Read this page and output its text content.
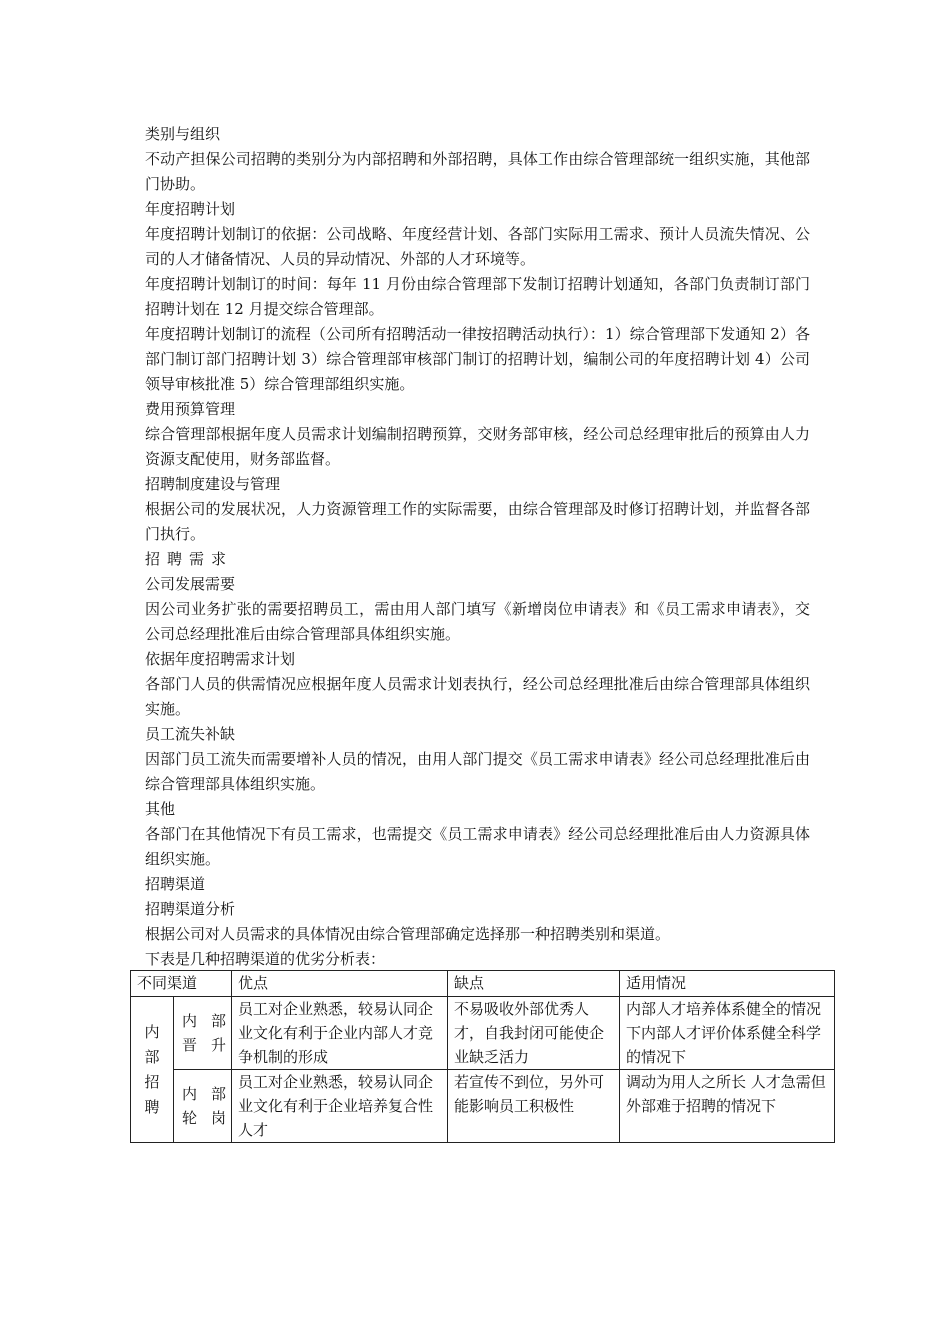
类别与组织

不动产担保公司招聘的类别分为内部招聘和外部招聘，具体工作由综合管理部统一组织实施，其他部门协助。

年度招聘计划

年度招聘计划制订的依据：公司战略、年度经营计划、各部门实际用工需求、预计人员流失情况、公司的人才储备情况、人员的异动情况、外部的人才环境等。

年度招聘计划制订的时间：每年 11 月份由综合管理部下发制订招聘计划通知，各部门负责制订部门招聘计划在 12 月提交综合管理部。

年度招聘计划制订的流程（公司所有招聘活动一律按招聘活动执行）：1）综合管理部下发通知 2）各部门制订部门招聘计划 3）综合管理部审核部门制订的招聘计划，编制公司的年度招聘计划 4）公司领导审核批准 5）综合管理部组织实施。

费用预算管理

综合管理部根据年度人员需求计划编制招聘预算，交财务部审核，经公司总经理审批后的预算由人力资源支配使用，财务部监督。

招聘制度建设与管理

根据公司的发展状况，人力资源管理工作的实际需要，由综合管理部及时修订招聘计划，并监督各部门执行。

招聘需求

公司发展需要

因公司业务扩张的需要招聘员工，需由用人部门填写《新增岗位申请表》和《员工需求申请表》，交公司总经理批准后由综合管理部具体组织实施。

依据年度招聘需求计划

各部门人员的供需情况应根据年度人员需求计划表执行，经公司总经理批准后由综合管理部具体组织实施。

员工流失补缺

因部门员工流失而需要增补人员的情况，由用人部门提交《员工需求申请表》经公司总经理批准后由综合管理部具体组织实施。

其他

各部门在其他情况下有员工需求，也需提交《员工需求申请表》经公司总经理批准后由人力资源具体组织实施。

招聘渠道

招聘渠道分析

根据公司对人员需求的具体情况由综合管理部确定选择那一种招聘类别和渠道。

下表是几种招聘渠道的优劣分析表：

不同渠道		优点	缺点	适用情况
内部招聘	内部晋升	员工对企业熟悉，较易认同企业文化有利于企业内部人才竞争机制的形成	不易吸收外部优秀人才，自我封闭可能使企业缺乏活力	内部人才培养体系健全的情况下内部人才评价体系健全科学的情况下

	内部轮岗	员工对企业熟悉，较易认同企业文化有利于企业培养复合性人才	若宣传不到位，另外可能影响员工积极性	调动为用人之所长 人才急需但外部难于招聘的情况下
